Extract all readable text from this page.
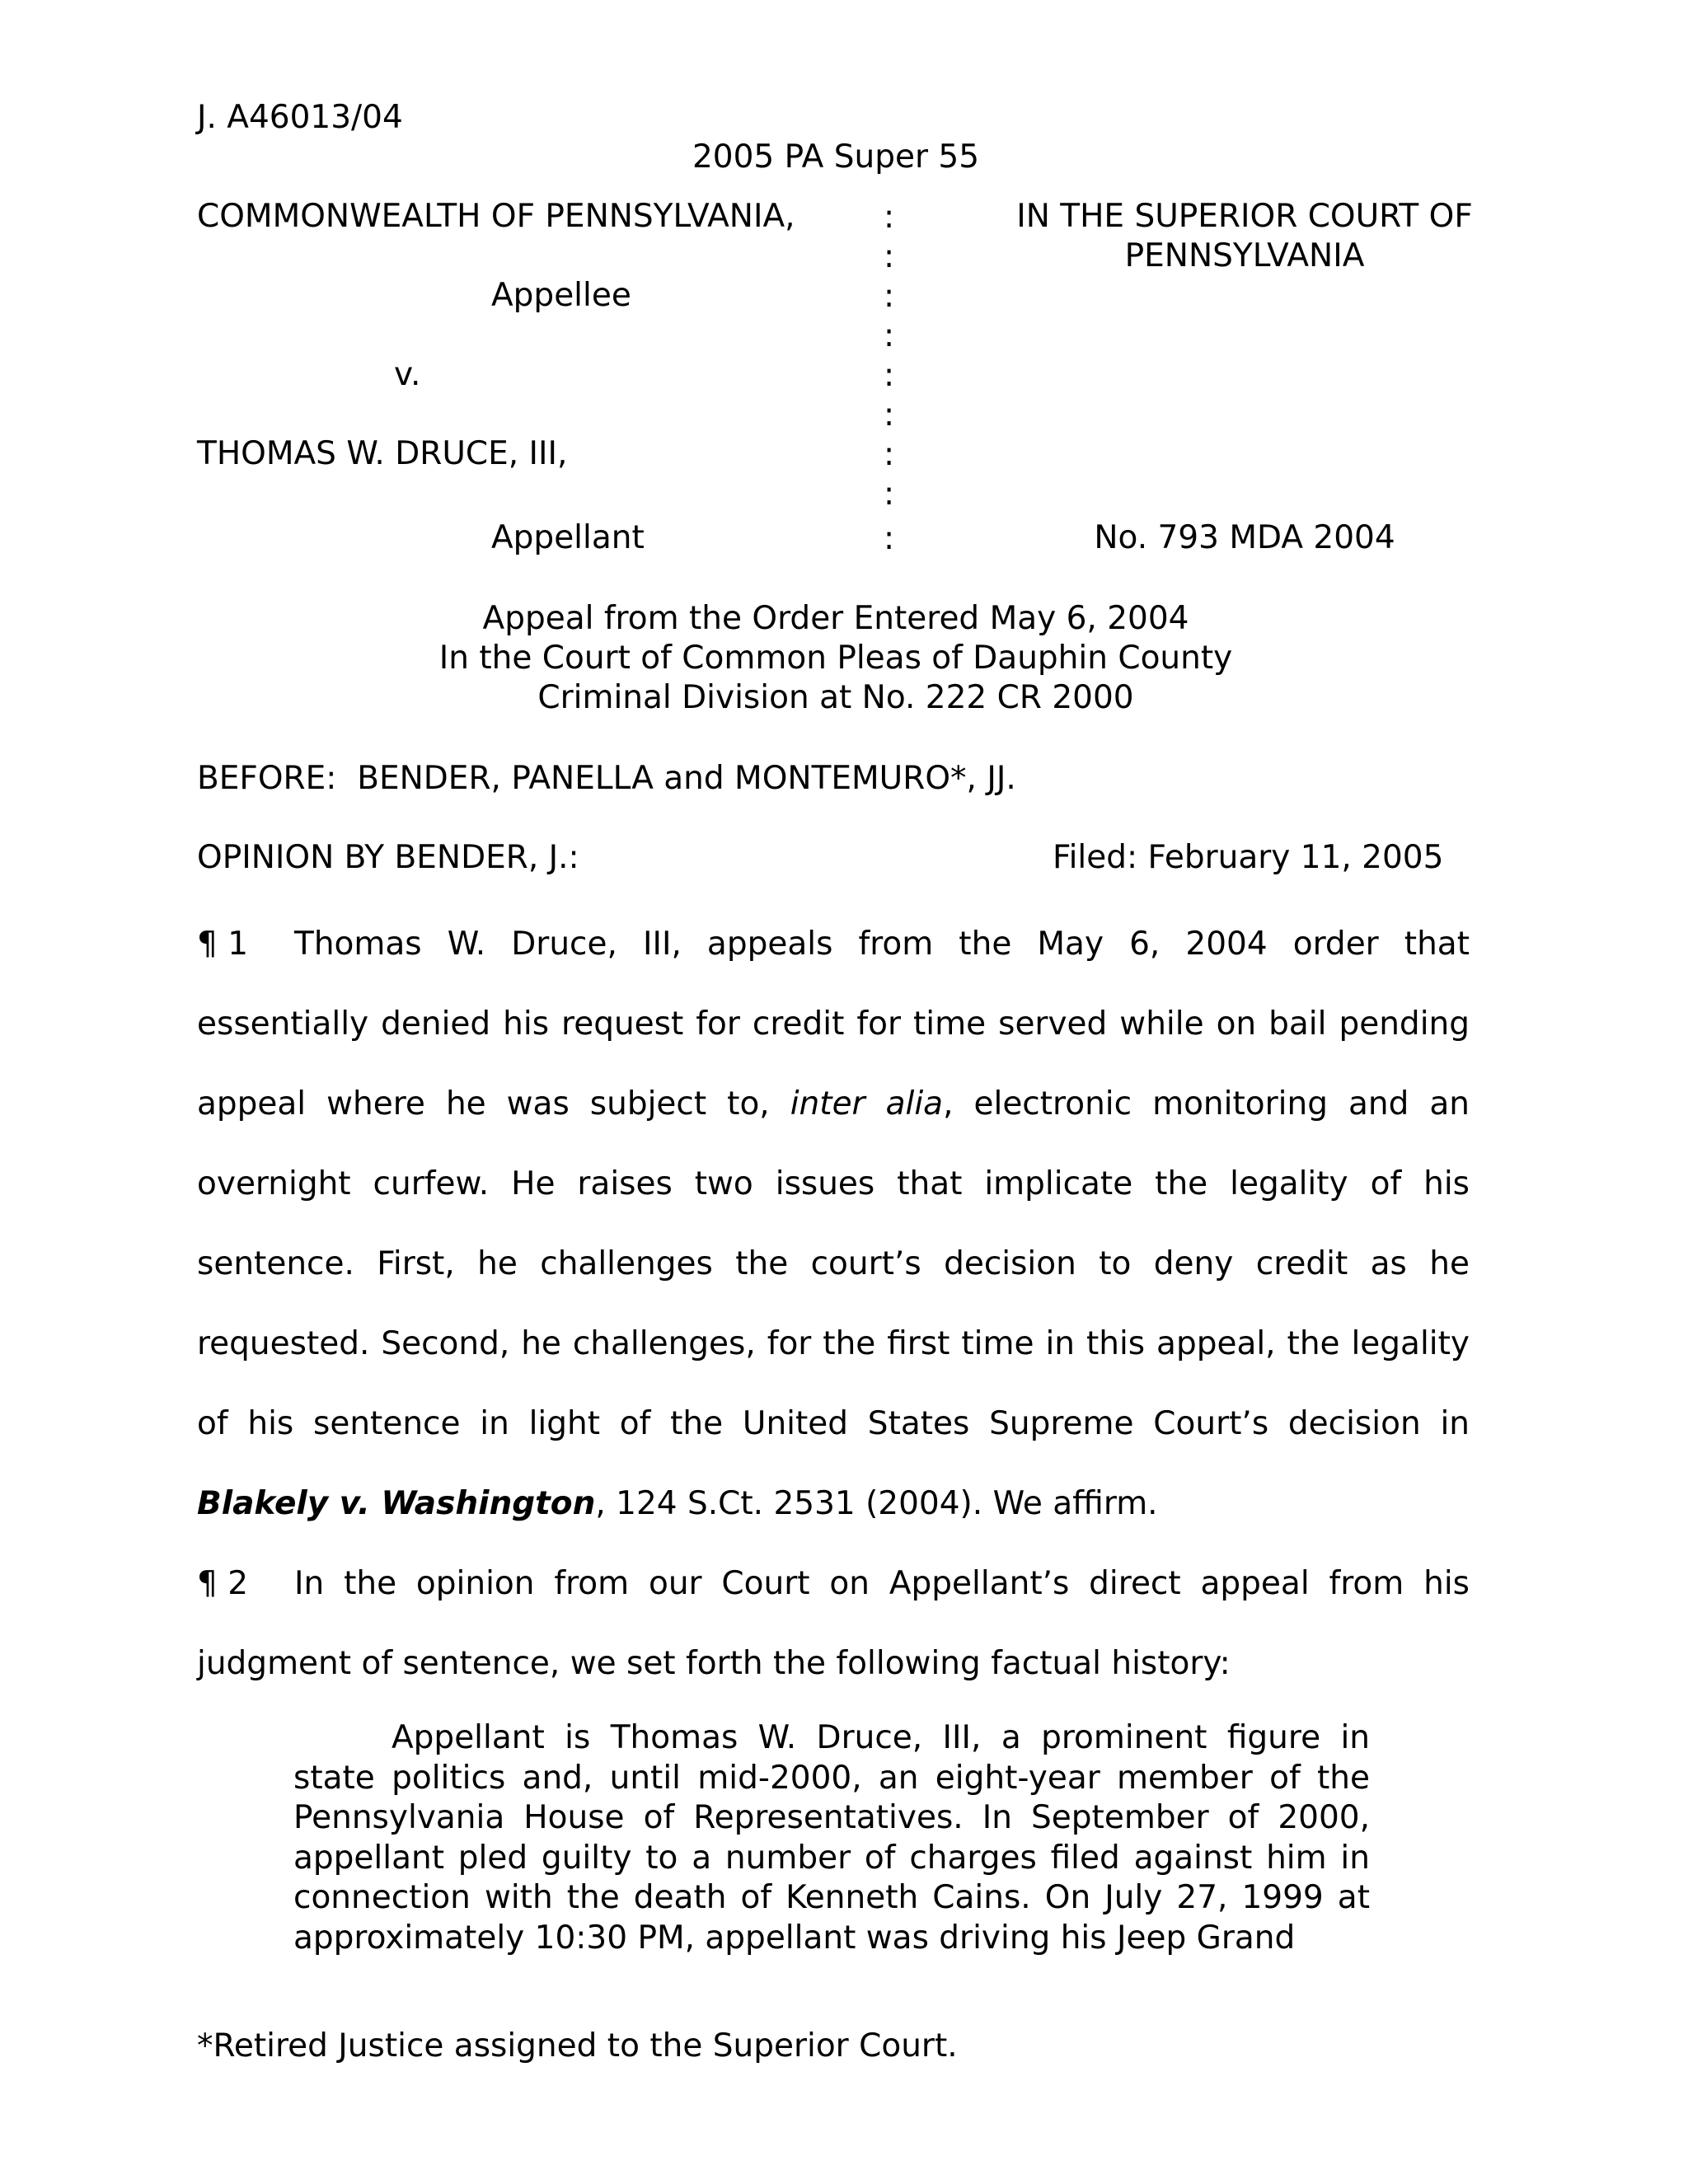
J. A46013/04
2005 PA Super 55
COMMONWEALTH OF PENNSYLVANIA,
Appellee
v.
THOMAS W. DRUCE, III,
Appellant
:
:
:
:
:
:
:
:
:
IN THE SUPERIOR COURT OF
PENNSYLVANIA
No. 793 MDA 2004
Appeal from the Order Entered May 6, 2004
In the Court of Common Pleas of Dauphin County
Criminal Division at No. 222 CR 2000
BEFORE:  BENDER, PANELLA and MONTEMURO*, JJ.
OPINION BY BENDER, J.:	Filed: February 11, 2005

¶ 1 Thomas W. Druce, III, appeals from the May 6, 2004 order that essentially denied his request for credit for time served while on bail pending appeal where he was subject to, inter alia, electronic monitoring and an overnight curfew. He raises two issues that implicate the legality of his sentence. First, he challenges the court’s decision to deny credit as he requested. Second, he challenges, for the first time in this appeal, the legality of his sentence in light of the United States Supreme Court’s decision in Blakely v. Washington, 124 S.Ct. 2531 (2004). We affirm.

¶ 2 In the opinion from our Court on Appellant’s direct appeal from his judgment of sentence, we set forth the following factual history:

Appellant is Thomas W. Druce, III, a prominent figure in state politics and, until mid-2000, an eight-year member of the Pennsylvania House of Representatives. In September of 2000, appellant pled guilty to a number of charges filed against him in connection with the death of Kenneth Cains. On July 27, 1999 at approximately 10:30 PM, appellant was driving his Jeep Grand

*Retired Justice assigned to the Superior Court.
